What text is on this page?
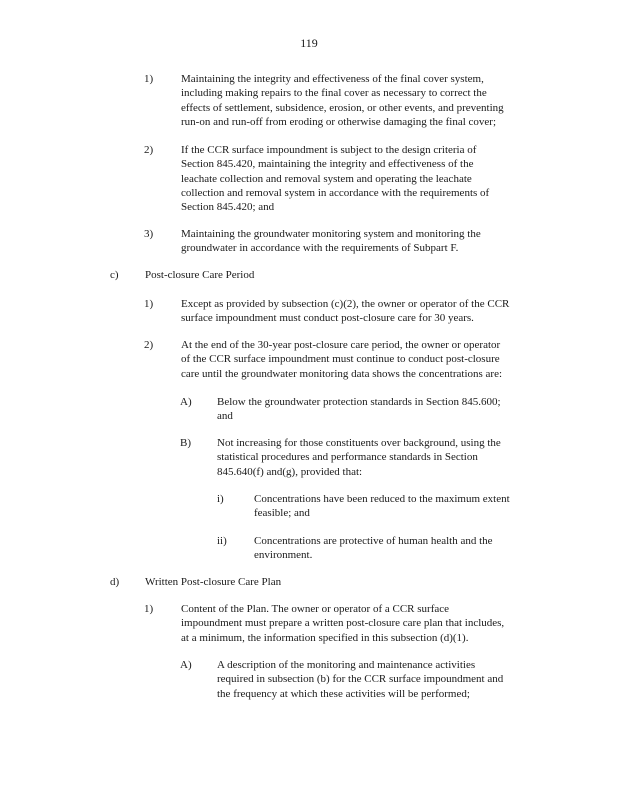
119
1)	Maintaining the integrity and effectiveness of the final cover system,
including making repairs to the final cover as necessary to correct the
effects of settlement, subsidence, erosion, or other events, and preventing
run-on and run-off from eroding or otherwise damaging the final cover;
2)	If the CCR surface impoundment is subject to the design criteria of
Section 845.420, maintaining the integrity and effectiveness of the
leachate collection and removal system and operating the leachate
collection and removal system in accordance with the requirements of
Section 845.420; and
3)	Maintaining the groundwater monitoring system and monitoring the
groundwater in accordance with the requirements of Subpart F.
c) Post-closure Care Period
1)	Except as provided by subsection (c)(2), the owner or operator of the CCR
surface impoundment must conduct post-closure care for 30 years.
2)	At the end of the 30-year post-closure care period, the owner or operator
of the CCR surface impoundment must continue to conduct post-closure
care until the groundwater monitoring data shows the concentrations are:
A) Below the groundwater protection standards in Section 845.600;
and
B) Not increasing for those constituents over background, using the
statistical procedures and performance standards in Section
845.640(f) and(g), provided that:
i)	Concentrations have been reduced to the maximum extent
feasible; and
ii) Concentrations are protective of human health and the
environment.
d) Written Post-closure Care Plan
1)	Content of the Plan. The owner or operator of a CCR surface
impoundment must prepare a written post-closure care plan that includes,
at a minimum, the information specified in this subsection (d)(1).
A) A description of the monitoring and maintenance activities
required in subsection (b) for the CCR surface impoundment and
the frequency at which these activities will be performed;
